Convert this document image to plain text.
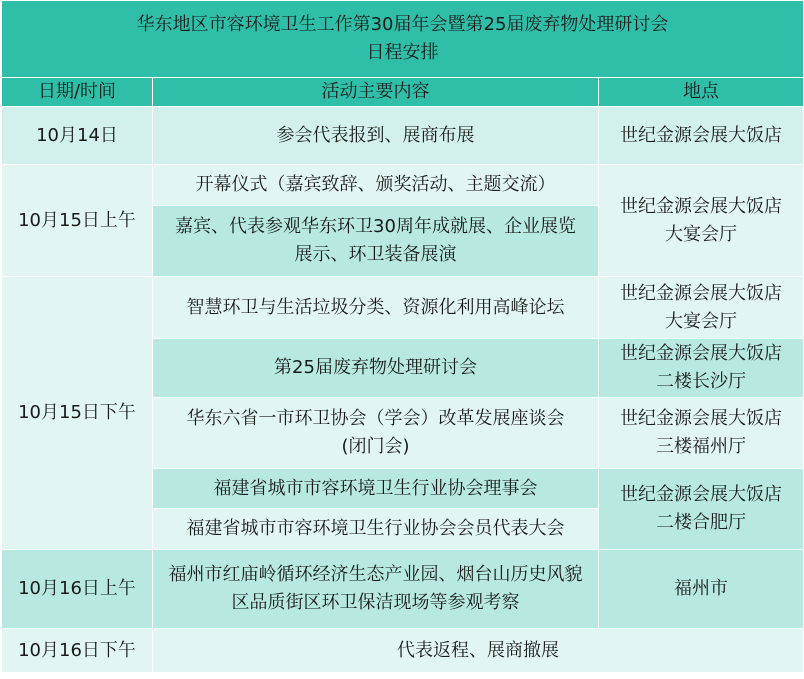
华东地区市容环境卫生工作第30届年会暨第25届废弃物处理研讨会
日程安排		

日期/时间	活动主要内容	地点
10月14日	参会代表报到、展商布展	世纪金源会展大饭店
10月15日上午	开幕仪式（嘉宾致辞、颁奖活动、主题交流）	世纪金源会展大饭店
大宴会厅

	嘉宾、代表参观华东环卫30周年成就展、企业展览
展示、环卫装备展演	

10月15日下午	智慧环卫与生活垃圾分类、资源化利用高峰论坛	世纪金源会展大饭店
大宴会厅

	第25届废弃物处理研讨会	世纪金源会展大饭店
二楼长沙厅

	华东六省一市环卫协会（学会）改革发展座谈会
(闭门会)	世纪金源会展大饭店
三楼福州厅

	福建省城市市容环境卫生行业协会理事会	世纪金源会展大饭店
二楼合肥厅

	福建省城市市容环境卫生行业协会会员代表大会	
10月16日上午	福州市红庙岭循环经济生态产业园、烟台山历史风貌
区品质街区环卫保洁现场等参观考察	福州市
10月16日下午	代表返程、展商撤展	
